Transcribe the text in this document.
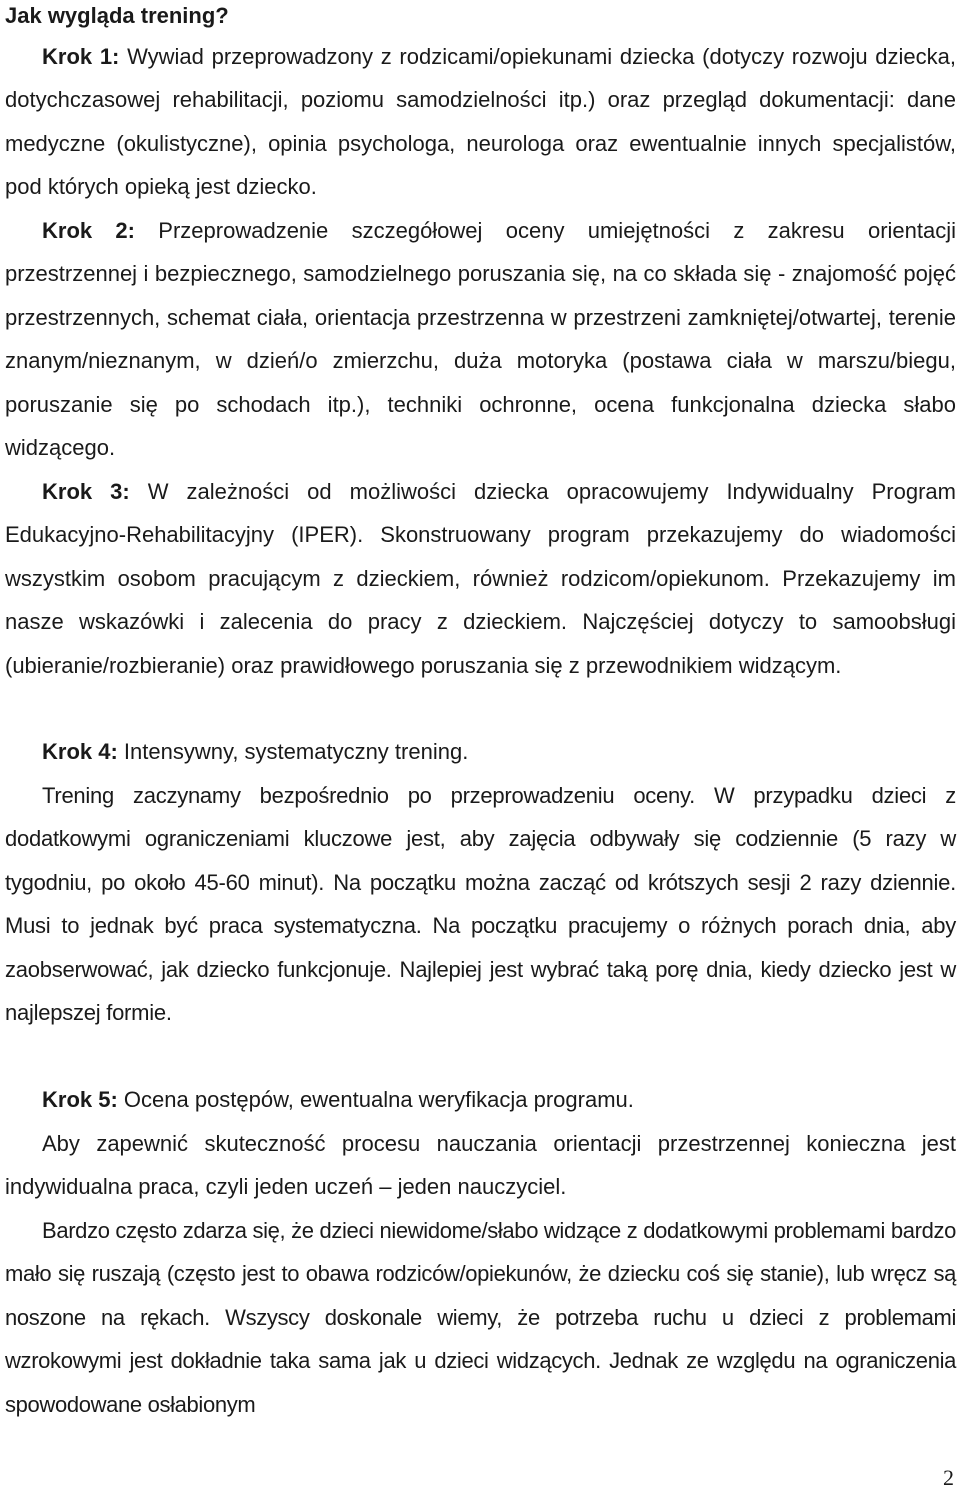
Jak wygląda trening?

Krok 1: Wywiad przeprowadzony z rodzicami/opiekunami dziecka (dotyczy rozwoju dziecka, dotychczasowej rehabilitacji, poziomu samodzielności itp.) oraz przegląd dokumentacji: dane medyczne (okulistyczne), opinia psychologa, neurologa oraz ewentualnie innych specjalistów, pod których opieką jest dziecko.

Krok 2: Przeprowadzenie szczegółowej oceny umiejętności z zakresu orientacji przestrzennej i bezpiecznego, samodzielnego poruszania się, na co składa się - znajomość pojęć przestrzennych, schemat ciała, orientacja przestrzenna w przestrzeni zamkniętej/otwartej, terenie znanym/nieznanym, w dzień/o zmierzchu, duża motoryka (postawa ciała w marszu/biegu, poruszanie się po schodach itp.), techniki ochronne, ocena funkcjonalna dziecka słabo widzącego.

Krok 3: W zależności od możliwości dziecka opracowujemy Indywidualny Program Edukacyjno-Rehabilitacyjny (IPER). Skonstruowany program przekazujemy do wiadomości wszystkim osobom pracującym z dzieckiem, również rodzicom/opiekunom. Przekazujemy im nasze wskazówki i zalecenia do pracy z dzieckiem. Najczęściej dotyczy to samoobsługi (ubieranie/rozbieranie) oraz prawidłowego poruszania się z przewodnikiem widzącym.

Krok 4: Intensywny, systematyczny trening.

Trening zaczynamy bezpośrednio po przeprowadzeniu oceny. W przypadku dzieci z dodatkowymi ograniczeniami kluczowe jest, aby zajęcia odbywały się codziennie (5 razy w tygodniu, po około 45-60 minut). Na początku można zacząć od krótszych sesji 2 razy dziennie. Musi to jednak być praca systematyczna. Na początku pracujemy o różnych porach dnia, aby zaobserwować, jak dziecko funkcjonuje. Najlepiej jest wybrać taką porę dnia, kiedy dziecko jest w najlepszej formie.

Krok 5: Ocena postępów, ewentualna weryfikacja programu.

Aby zapewnić skuteczność procesu nauczania orientacji przestrzennej konieczna jest indywidualna praca, czyli jeden uczeń – jeden nauczyciel.

Bardzo często zdarza się, że dzieci niewidome/słabo widzące z dodatkowymi problemami bardzo mało się ruszają (często jest to obawa rodziców/opiekunów, że dziecku coś się stanie), lub wręcz są noszone na rękach. Wszyscy doskonale wiemy, że potrzeba ruchu u dzieci z problemami wzrokowymi jest dokładnie taka sama jak u dzieci widzących. Jednak ze względu na ograniczenia spowodowane osłabionym

2
